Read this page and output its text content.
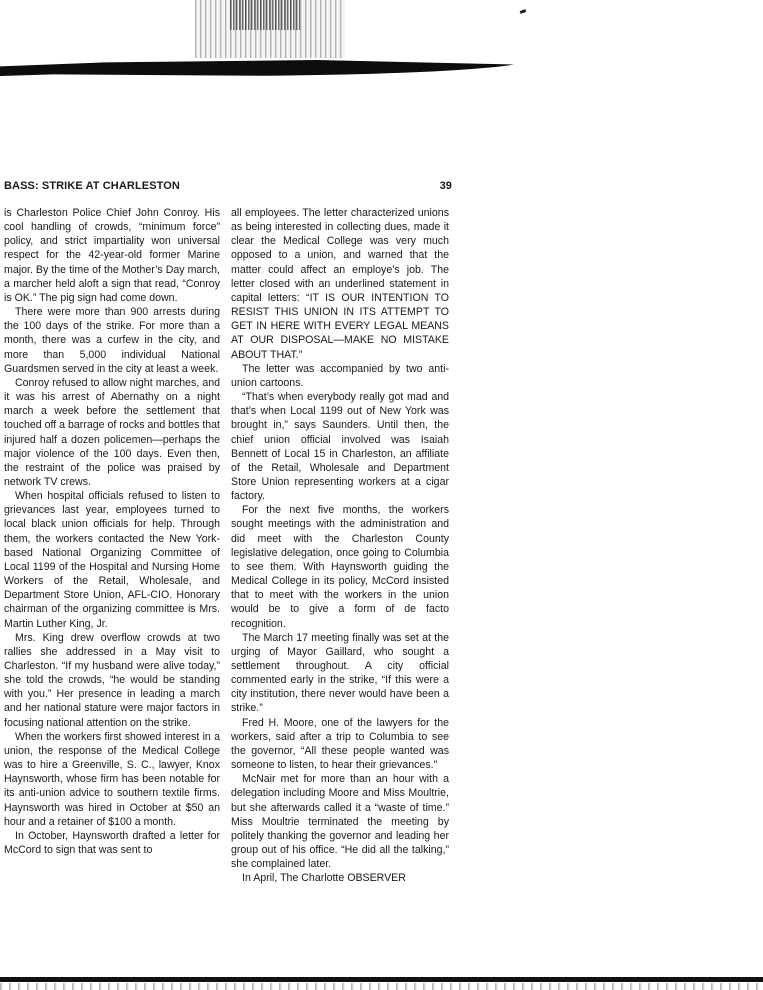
BASS: STRIKE AT CHARLESTON	39

is Charleston Police Chief John Conroy. His cool handling of crowds, “minimum force” policy, and strict impartiality won universal respect for the 42-year-old former Marine major. By the time of the Mother’s Day march, a marcher held aloft a sign that read, “Conroy is OK.” The pig sign had come down.

There were more than 900 arrests during the 100 days of the strike. For more than a month, there was a curfew in the city, and more than 5,000 individual National Guardsmen served in the city at least a week.

Conroy refused to allow night marches, and it was his arrest of Abernathy on a night march a week before the settlement that touched off a barrage of rocks and bottles that injured half a dozen policemen—perhaps the major violence of the 100 days. Even then, the restraint of the police was praised by network TV crews.

When hospital officials refused to listen to grievances last year, employees turned to local black union officials for help. Through them, the workers contacted the New York-based National Organizing Committee of Local 1199 of the Hospital and Nursing Home Workers of the Retail, Wholesale, and Department Store Union, AFL-CIO. Honorary chairman of the organizing committee is Mrs. Martin Luther King, Jr.

Mrs. King drew overflow crowds at two rallies she addressed in a May visit to Charleston. “If my husband were alive today,” she told the crowds, “he would be standing with you.” Her presence in leading a march and her national stature were major factors in focusing national attention on the strike.

When the workers first showed interest in a union, the response of the Medical College was to hire a Greenville, S. C., lawyer, Knox Haynsworth, whose firm has been notable for its anti-union advice to southern textile firms. Haynsworth was hired in October at $50 an hour and a retainer of $100 a month.

In October, Haynsworth drafted a letter for McCord to sign that was sent to

all employees. The letter characterized unions as being interested in collecting dues, made it clear the Medical College was very much opposed to a union, and warned that the matter could affect an employe’s job. The letter closed with an underlined statement in capital letters: “IT IS OUR INTENTION TO RESIST THIS UNION IN ITS ATTEMPT TO GET IN HERE WITH EVERY LEGAL MEANS AT OUR DISPOSAL—MAKE NO MISTAKE ABOUT THAT.”

The letter was accompanied by two anti-union cartoons.

“That’s when everybody really got mad and that’s when Local 1199 out of New York was brought in,” says Saunders. Until then, the chief union official involved was Isaiah Bennett of Local 15 in Charleston, an affiliate of the Retail, Wholesale and Department Store Union representing workers at a cigar factory.

For the next five months, the workers sought meetings with the administration and did meet with the Charleston County legislative delegation, once going to Columbia to see them. With Haynsworth guiding the Medical College in its policy, McCord insisted that to meet with the workers in the union would be to give a form of de facto recognition.

The March 17 meeting finally was set at the urging of Mayor Gaillard, who sought a settlement throughout. A city official commented early in the strike, “If this were a city institution, there never would have been a strike.”

Fred H. Moore, one of the lawyers for the workers, said after a trip to Columbia to see the governor, “All these people wanted was someone to listen, to hear their grievances.”

McNair met for more than an hour with a delegation including Moore and Miss Moultrie, but she afterwards called it a “waste of time.” Miss Moultrie terminated the meeting by politely thanking the governor and leading her group out of his office. “He did all the talking,” she complained later.

In April, The Charlotte OBSERVER
